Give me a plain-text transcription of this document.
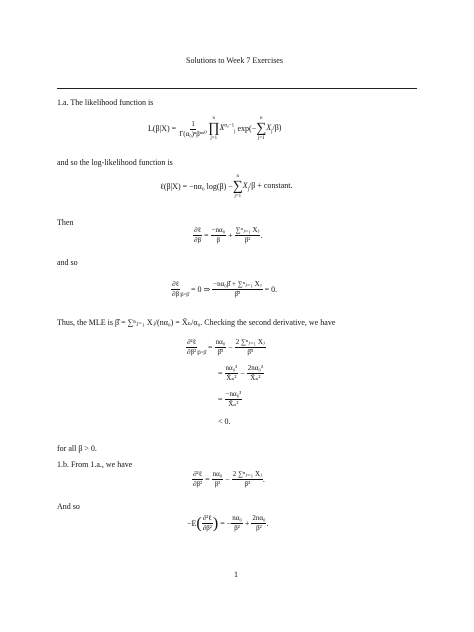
Solutions to Week 7 Exercises
1.a. The likelihood function is
L(β|X) =
$\frac{1}{\text{Γ(α₀)ⁿβⁿᵅ⁰}}$
n
∏
j=1
$X^{\alpha_0-1}_j$
exp(−
n
∑
j=1
$X_j/\beta$)
and so the log-likelihood function is
ℓ(β|X) = −nα₀ log(β) −
n
∑
j=1
$X_j/\beta$ + constant.
Then
$\frac{\text{∂ℓ}}{\partial\beta}$
=
$\frac{\text{−nα₀}}{\beta}$
+
$\frac{\text{∑ⁿⱼ₌₁ Xⱼ}}{\text{β²}}$ .
and so
$\frac{\text{∂ℓ}}{\partial\beta}$ |β=β̂

= 0 ⇒
$\frac{\text{−nα₀β̂ + ∑ⁿⱼ₌₁ Xⱼ}}{\text{β̂²}}$
= 0.
Thus, the MLE is β̂ = ∑ⁿⱼ₌₁ Xⱼ/(nα₀) = X̄ₙ/α₀. Checking the second derivative, we have
$\frac{\text{∂²ℓ}}{\text{∂β²}}$ |β=β̂

=
$\frac{\text{nα₀}}{\text{β̂²}}$
−
$\frac{\text{2 ∑ⁿⱼ₌₁ Xⱼ}}{\text{β̂³}}$
=
$\frac{\text{nα₀³}}{\text{X̄ₙ²}}$
−
$\frac{\text{2nα₀³}}{\text{X̄ₙ²}}$
=
$\frac{\text{−nα₀³}}{\text{X̄ₙ²}}$
< 0.
for all β > 0.
1.b. From 1.a., we have
$\frac{\text{∂²ℓ}}{\text{∂β²}}$
=
$\frac{\text{nα₀}}{\text{β²}}$
−
$\frac{\text{2 ∑ⁿⱼ₌₁ Xⱼ}}{\text{β³}}$ .
And so
−E ( $\frac{\text{∂²ℓ}}{\text{∂β²}}$ )
= − $\frac{\text{nα₀}}{\text{β²}}$
+
$\frac{\text{2nα₀}}{\text{β²}}$ .
1
